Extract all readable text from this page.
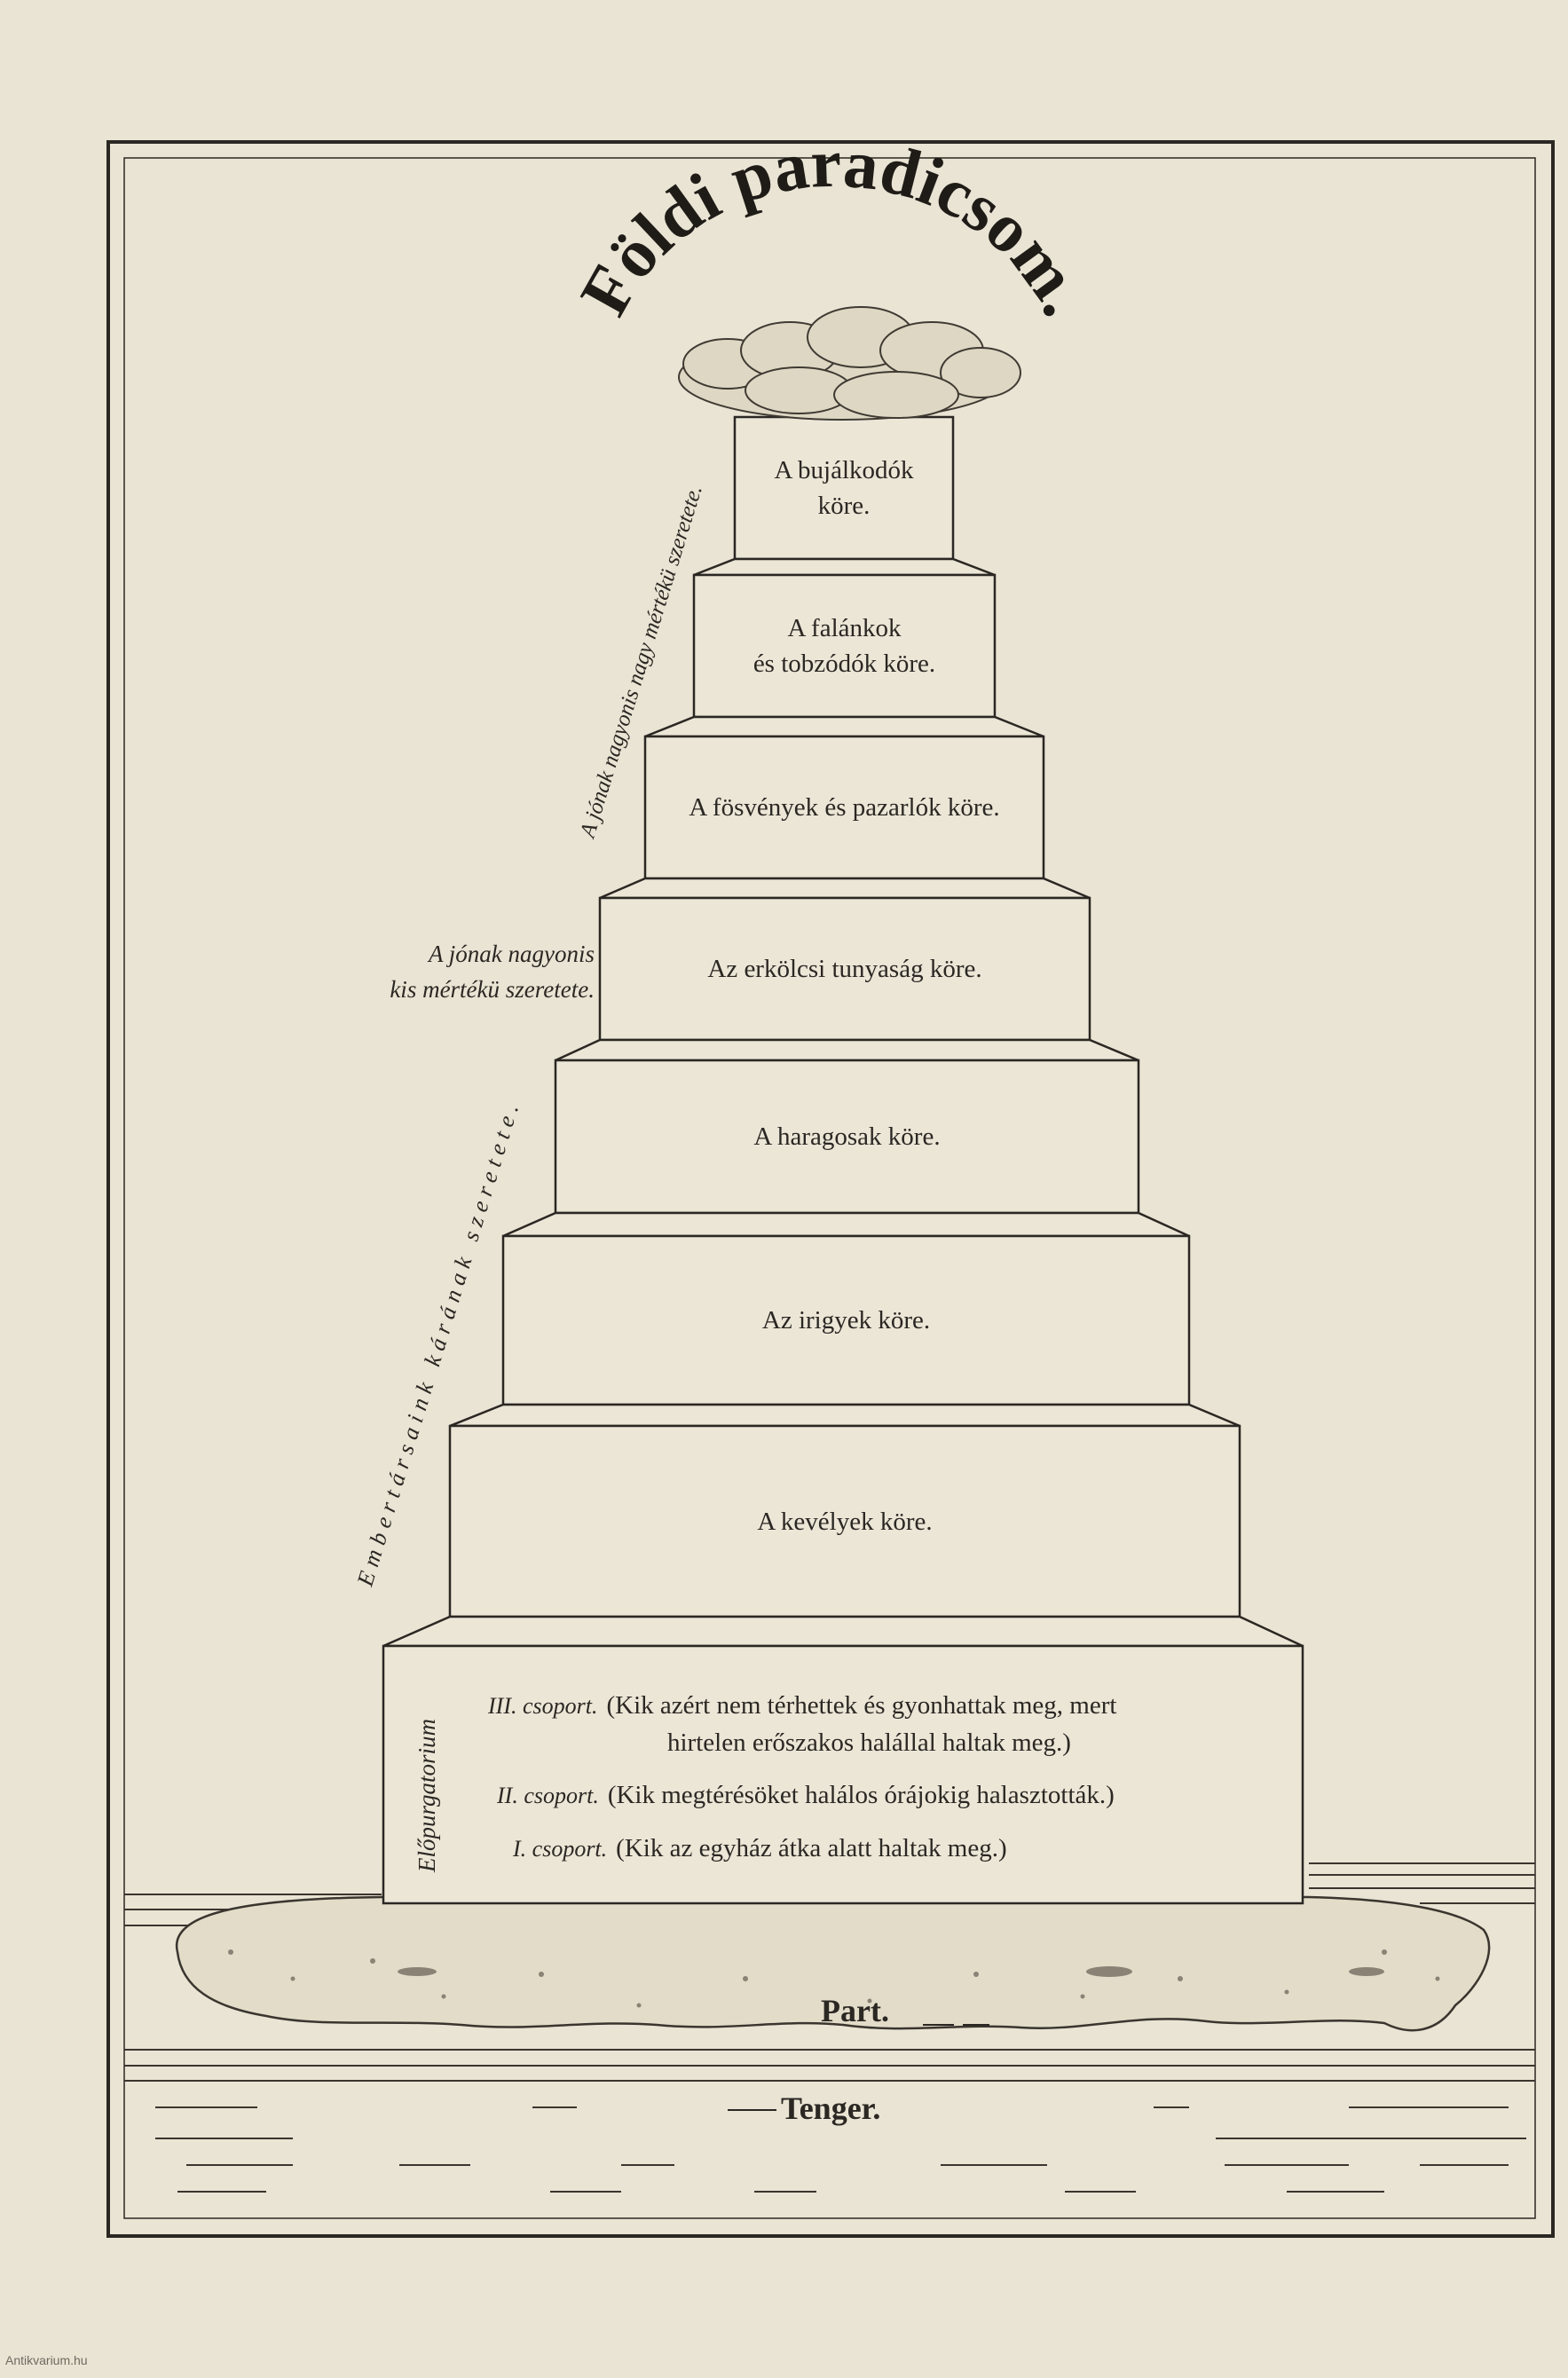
Földi paradicsom.
A jónak nagyonis nagy mértékü szeretete.
Embertársaink kárának szeretete.
Előpurgatorium
A bujálkodók
köre.
A falánkok
és tobzódók köre.
A fösvények és pazarlók köre.
Az erkölcsi tunyaság köre.
A haragosak köre.
Az irigyek köre.
A kevélyek köre.
III. csoport. (Kik azért nem térhettek és gyonhattak meg, mert
hirtelen erőszakos halállal haltak meg.)
II. csoport. (Kik megtérésöket halálos órájokig halasztották.)
I. csoport. (Kik az egyház átka alatt haltak meg.)
A jónak nagyonis
kis mértékü szeretete.
Part.
Tenger.
Antikvarium.hu
